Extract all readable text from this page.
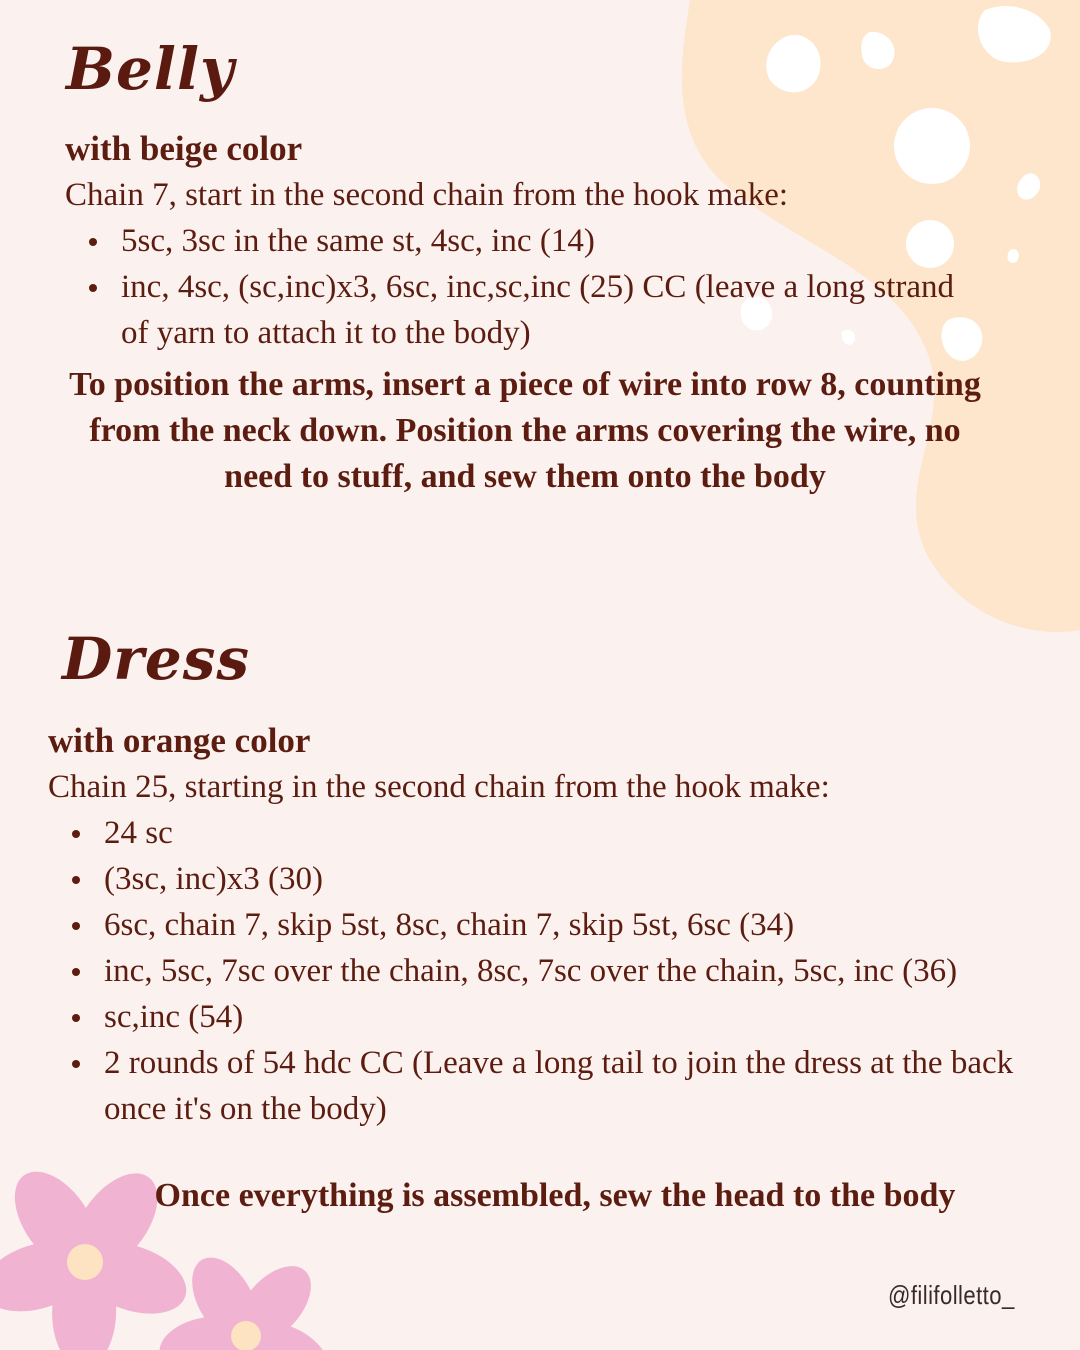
Belly

with beige color

Chain 7, start in the second chain from the hook make:

5sc, 3sc in the same st, 4sc, inc (14)
inc, 4sc, (sc,inc)x3, 6sc, inc,sc,inc (25) CC (leave a long strand of yarn to attach it to the body)

To position the arms, insert a piece of wire into row 8, counting from the neck down. Position the arms covering the wire, no need to stuff, and sew them onto the body

Dress

with orange color

Chain 25, starting in the second chain from the hook make:

24 sc
(3sc, inc)x3 (30)
6sc, chain 7, skip 5st, 8sc, chain 7, skip 5st, 6sc (34)
inc, 5sc, 7sc over the chain, 8sc, 7sc over the chain, 5sc, inc (36)
sc,inc (54)
2 rounds of 54 hdc CC (Leave a long tail to join the dress at the back once it's on the body)

Once everything is assembled, sew the head to the body

@filifolletto_
